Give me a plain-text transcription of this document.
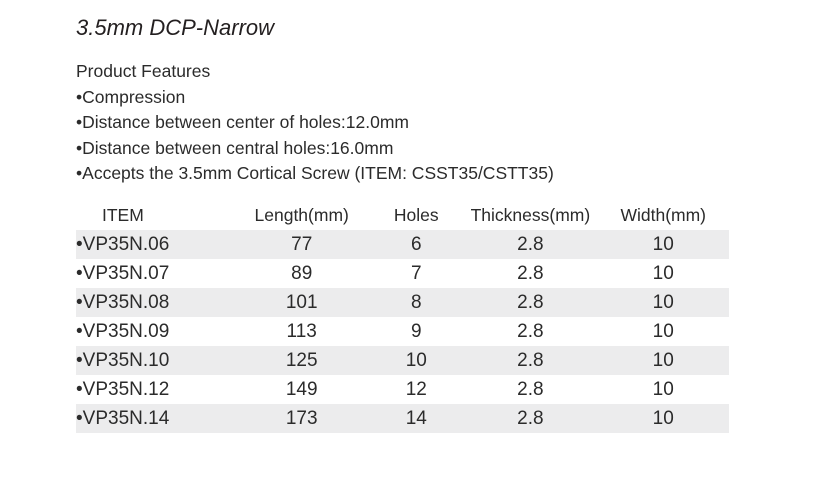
3.5mm DCP-Narrow
Product Features
• Compression
• Distance between center of holes:12.0mm
• Distance between central holes:16.0mm
• Accepts the 3.5mm Cortical Screw (ITEM: CSST35/CSTT35)
ITEM	Length(mm)	Holes	Thickness(mm)	Width(mm)
• VP35N.06	77	6	2.8	10
• VP35N.07	89	7	2.8	10
• VP35N.08	101	8	2.8	10
• VP35N.09	113	9	2.8	10
• VP35N.10	125	10	2.8	10
• VP35N.12	149	12	2.8	10
• VP35N.14	173	14	2.8	10
